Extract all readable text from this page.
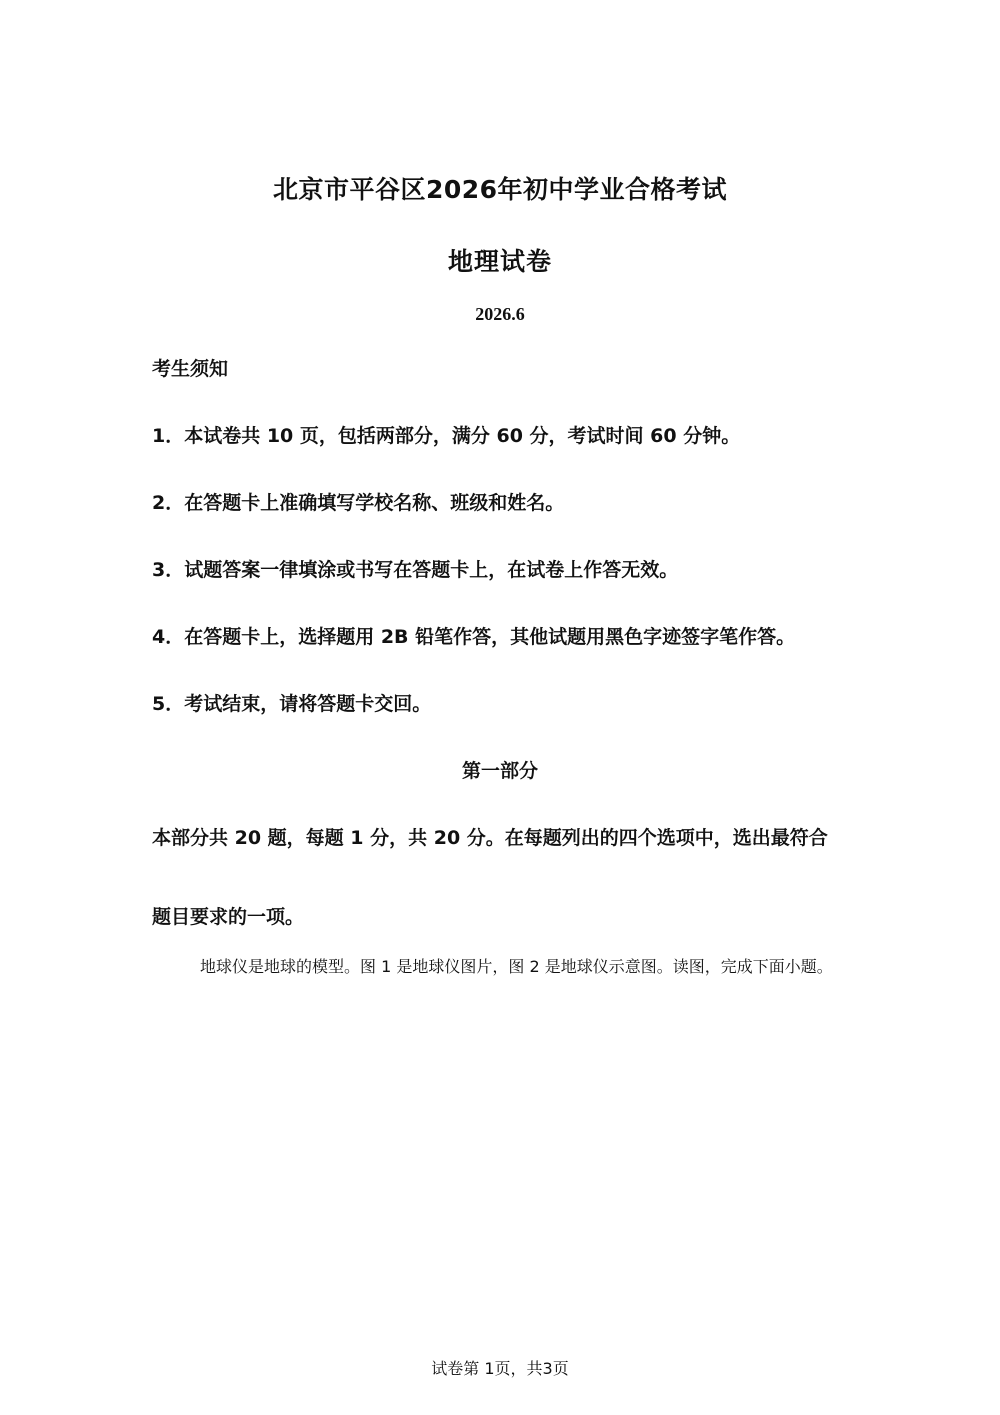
北京市平谷区2026年初中学业合格考试
地理试卷
2026.6
考生须知
1．本试卷共 10 页，包括两部分，满分 60 分，考试时间 60 分钟。
2．在答题卡上准确填写学校名称、班级和姓名。
3．试题答案一律填涂或书写在答题卡上，在试卷上作答无效。
4．在答题卡上，选择题用 2B 铅笔作答，其他试题用黑色字迹签字笔作答。
5．考试结束，请将答题卡交回。
第一部分
本部分共 20 题，每题 1 分，共 20 分。在每题列出的四个选项中，选出最符合
题目要求的一项。
地球仪是地球的模型。图 1 是地球仪图片，图 2 是地球仪示意图。读图，完成下面小题。
试卷第 1页，共3页
